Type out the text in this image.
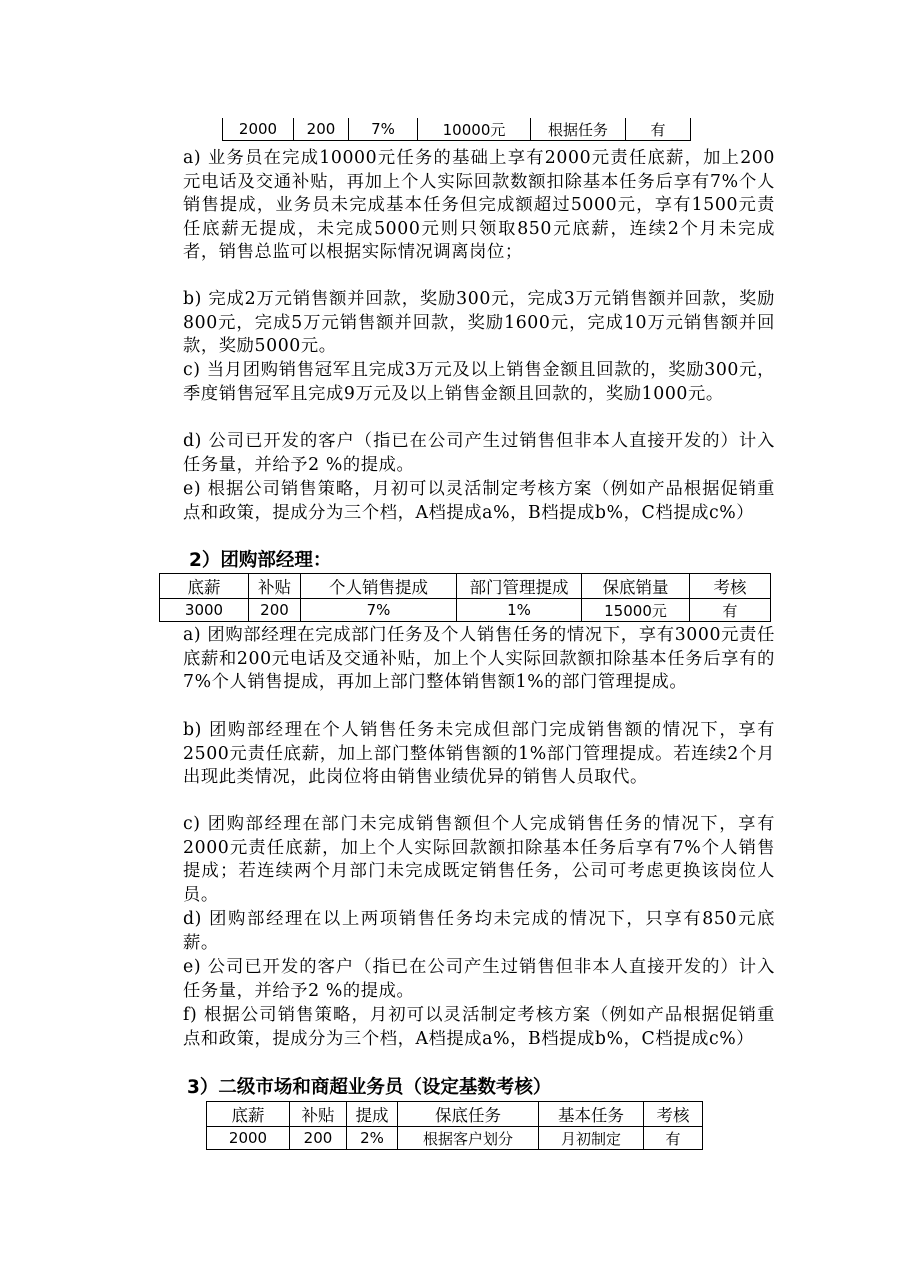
2000	200	7%	10000元	根据任务	有

a) 业务员在完成10000元任务的基础上享有2000元责任底薪，加上200元电话及交通补贴，再加上个人实际回款数额扣除基本任务后享有7%个人销售提成，业务员未完成基本任务但完成额超过5000元，享有1500元责任底薪无提成，未完成5000元则只领取850元底薪，连续2个月未完成者，销售总监可以根据实际情况调离岗位；

b) 完成2万元销售额并回款，奖励300元，完成3万元销售额并回款，奖励800元，完成5万元销售额并回款，奖励1600元，完成10万元销售额并回款，奖励5000元。

c) 当月团购销售冠军且完成3万元及以上销售金额且回款的，奖励300元，季度销售冠军且完成9万元及以上销售金额且回款的，奖励1000元。

d) 公司已开发的客户（指已在公司产生过销售但非本人直接开发的）计入任务量，并给予2 %的提成。

e) 根据公司销售策略，月初可以灵活制定考核方案（例如产品根据促销重点和政策，提成分为三个档，A档提成a%，B档提成b%，C档提成c%）

2）团购部经理：
底薪	补贴	个人销售提成	部门管理提成	保底销量	考核
3000	200	7%	1%	15000元	有

a) 团购部经理在完成部门任务及个人销售任务的情况下，享有3000元责任底薪和200元电话及交通补贴，加上个人实际回款额扣除基本任务后享有的7%个人销售提成，再加上部门整体销售额1%的部门管理提成。

b) 团购部经理在个人销售任务未完成但部门完成销售额的情况下，享有2500元责任底薪，加上部门整体销售额的1%部门管理提成。若连续2个月出现此类情况，此岗位将由销售业绩优异的销售人员取代。

c) 团购部经理在部门未完成销售额但个人完成销售任务的情况下，享有2000元责任底薪，加上个人实际回款额扣除基本任务后享有7%个人销售提成；若连续两个月部门未完成既定销售任务，公司可考虑更换该岗位人员。

d) 团购部经理在以上两项销售任务均未完成的情况下，只享有850元底薪。

e) 公司已开发的客户（指已在公司产生过销售但非本人直接开发的）计入任务量，并给予2 %的提成。

f) 根据公司销售策略，月初可以灵活制定考核方案（例如产品根据促销重点和政策，提成分为三个档，A档提成a%，B档提成b%，C档提成c%）

3）二级市场和商超业务员（设定基数考核）
底薪	补贴	提成	保底任务	基本任务	考核
2000	200	2%	根据客户划分	月初制定	有
